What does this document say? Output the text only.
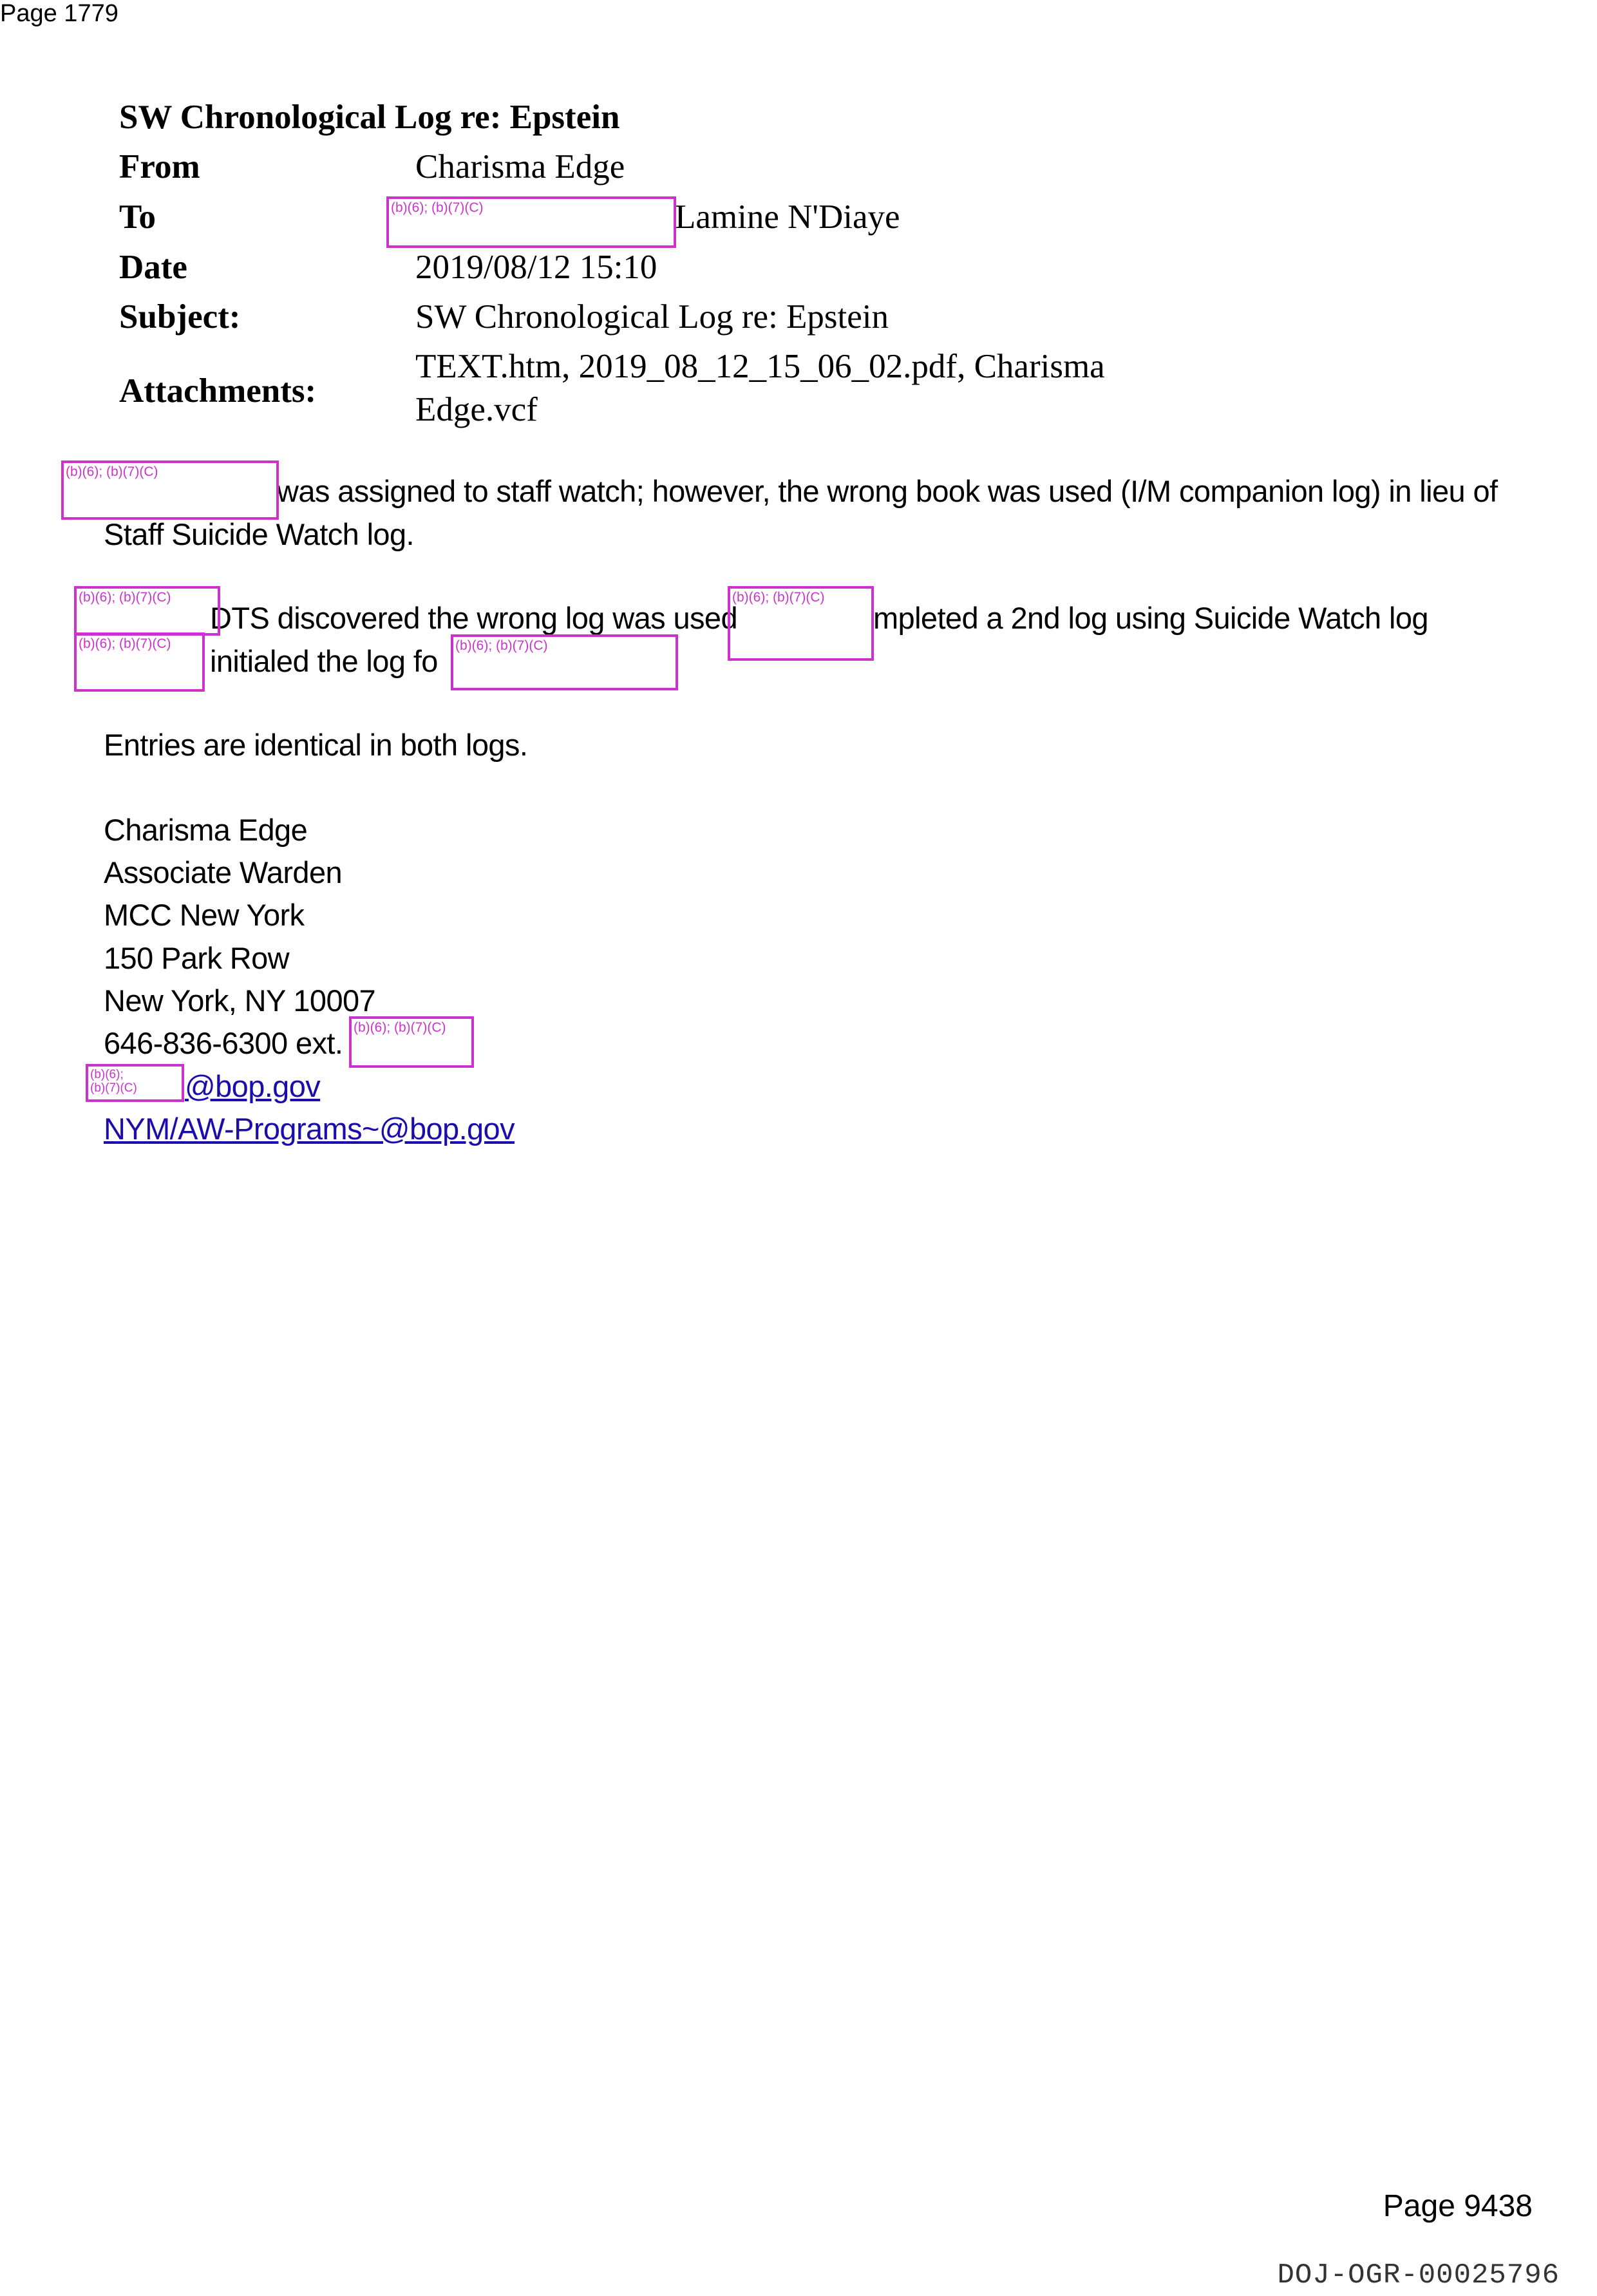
Page 1779
SW Chronological Log re: Epstein
From	Charisma Edge
To	Lamine N'Diaye
Date	2019/08/12 15:10
Subject:	SW Chronological Log re: Epstein
Attachments:
TEXT.htm, 2019_08_12_15_06_02.pdf, Charisma
Edge.vcf
was assigned to staff watch; however, the wrong book was used (I/M companion log) in lieu of
Staff Suicide Watch log.
DTS discovered the wrong log was used	mpleted a 2nd log using Suicide Watch log
initialed the log fo
Entries are identical in both logs.
Charisma Edge
Associate Warden
MCC New York
150 Park Row
New York, NY 10007
646-836-6300 ext.
@bop.gov
NYM/AW-Programs~@bop.gov
(b)(6); (b)(7)(C)
(b)(6); (b)(7)(C)
(b)(6); (b)(7)(C)	(b)(6); (b)(7)(C)
(b)(6); (b)(7)(C)	(b)(6); (b)(7)(C)
(b)(6); (b)(7)(C)
(b)(6);
(b)(7)(C)
Page 9438
DOJ-OGR-00025796
